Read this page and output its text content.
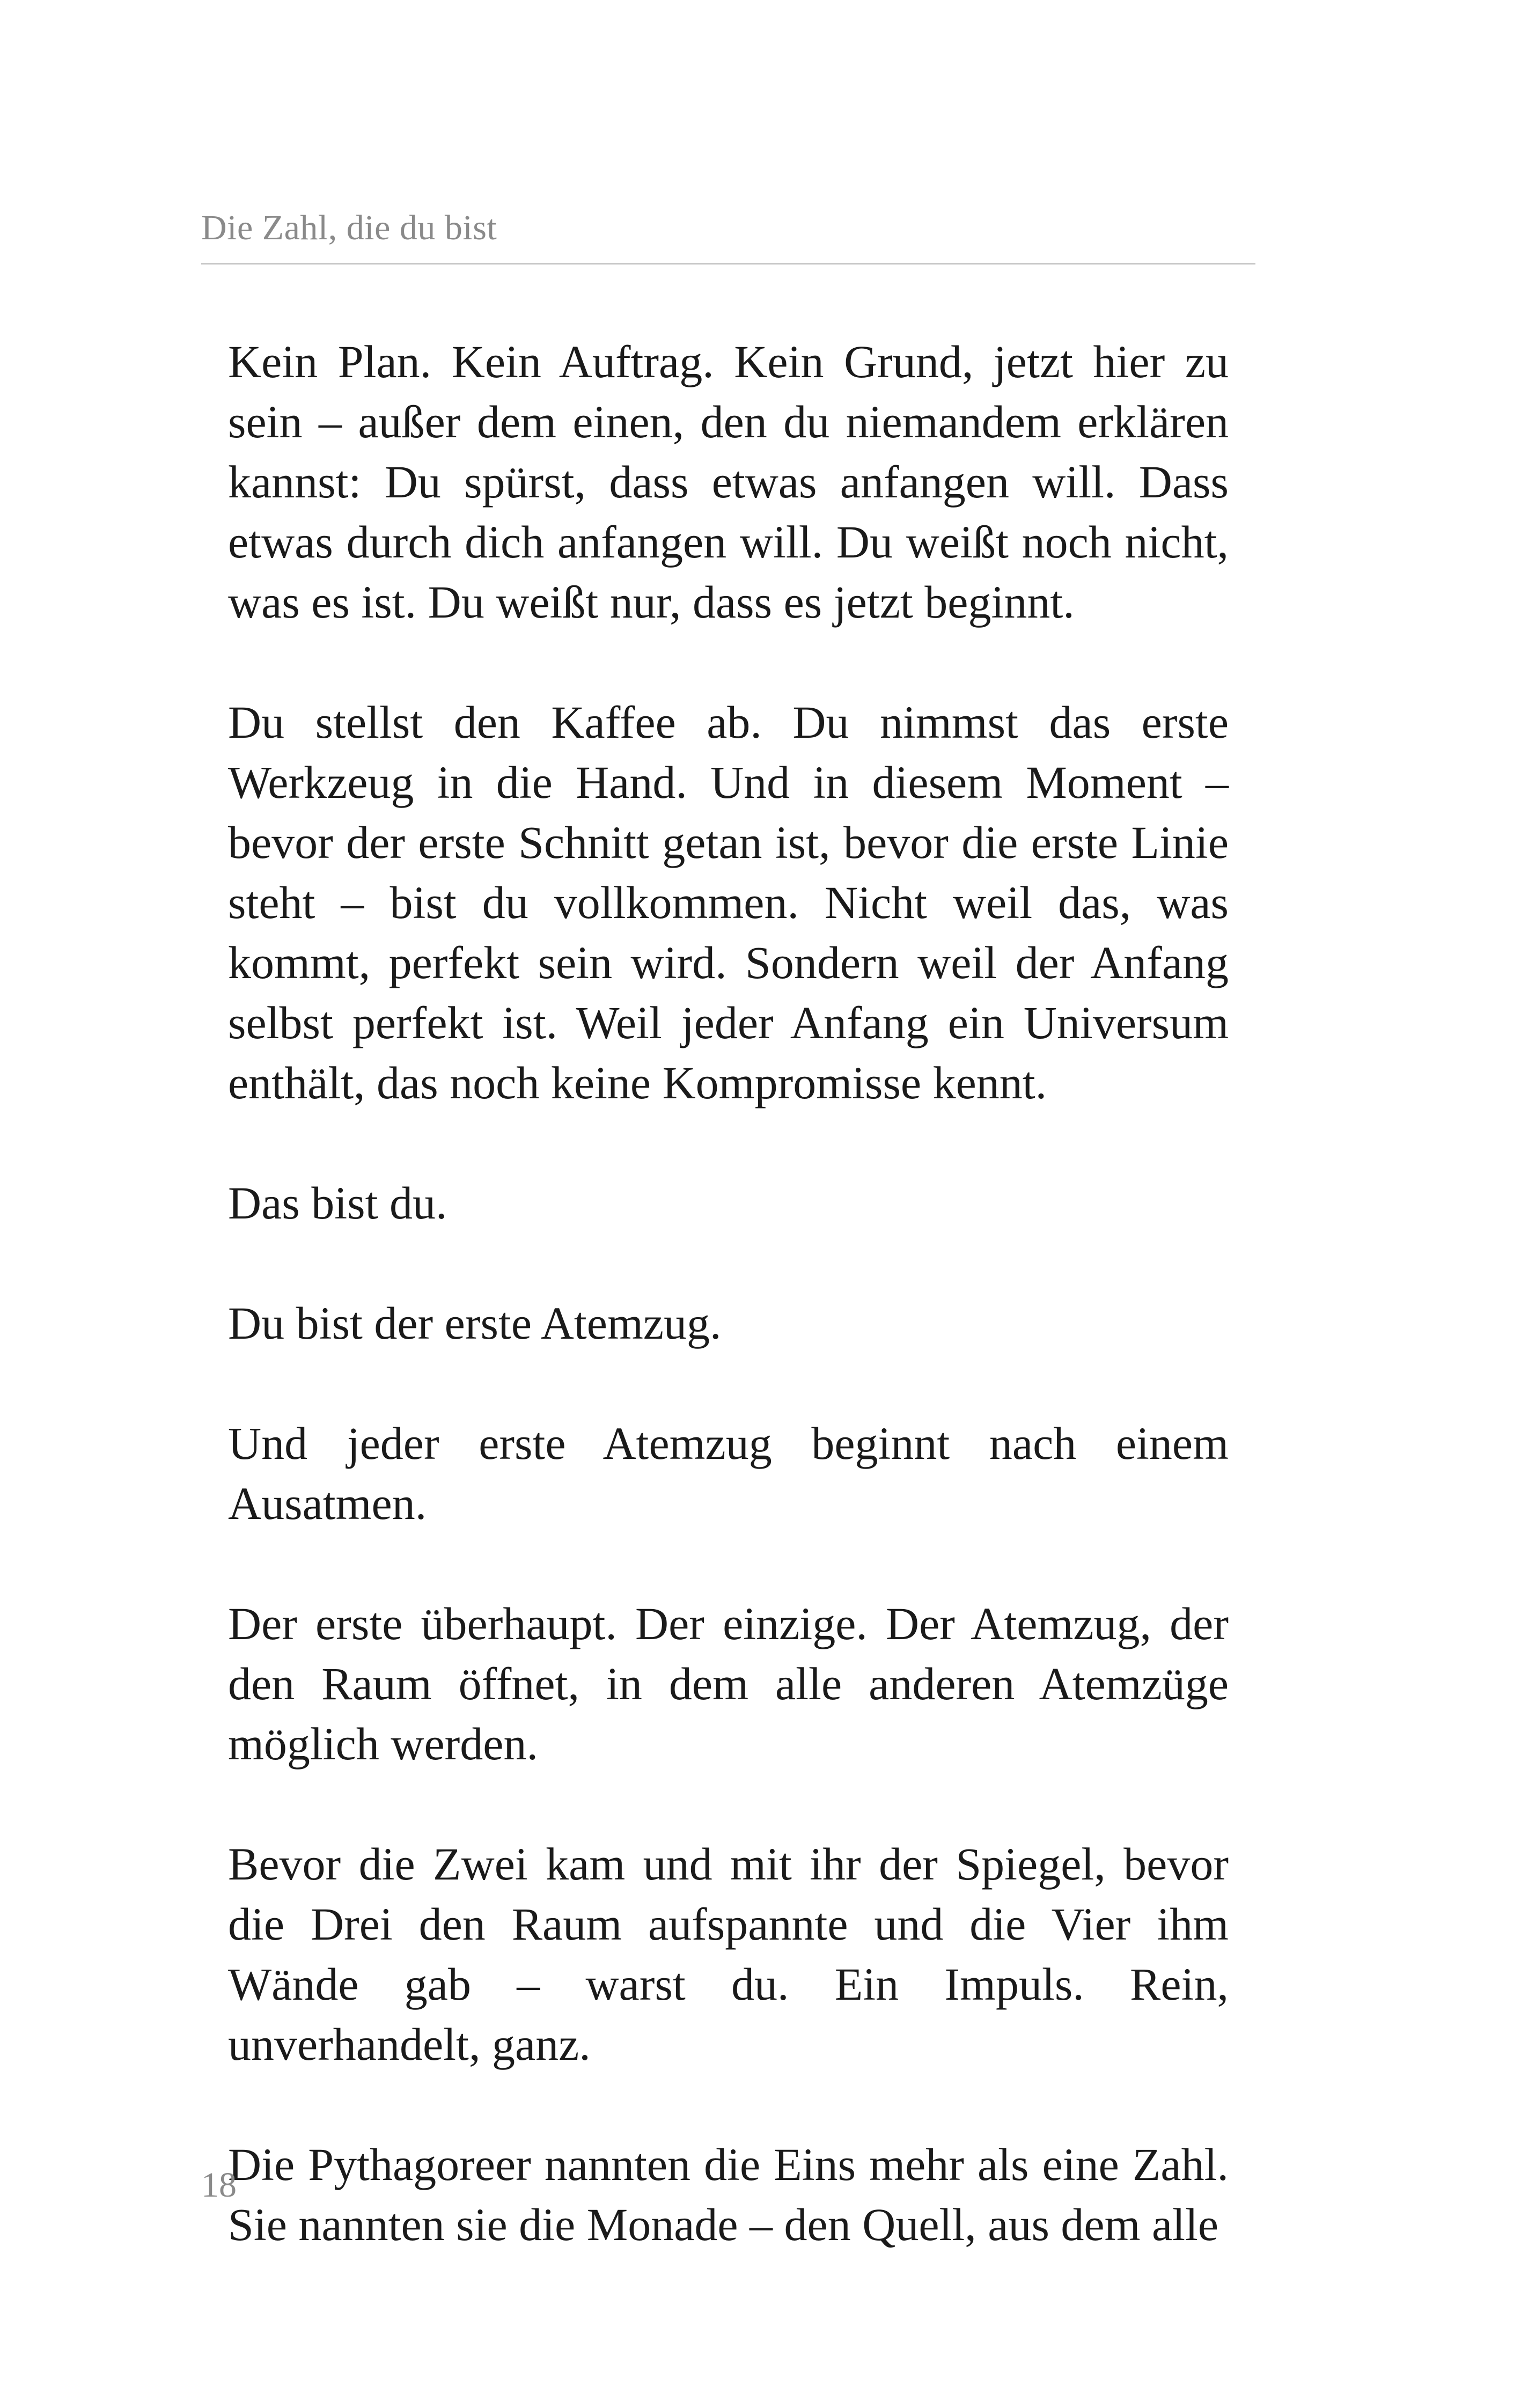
Die Zahl, die du bist

Kein Plan. Kein Auftrag. Kein Grund, jetzt hier zu sein – außer dem einen, den du niemandem erklären kannst: Du spürst, dass etwas anfangen will. Dass etwas durch dich anfangen will. Du weißt noch nicht, was es ist. Du weißt nur, dass es jetzt beginnt.

Du stellst den Kaffee ab. Du nimmst das erste Werkzeug in die Hand. Und in diesem Moment – bevor der erste Schnitt getan ist, bevor die erste Linie steht – bist du vollkommen. Nicht weil das, was kommt, perfekt sein wird. Sondern weil der Anfang selbst perfekt ist. Weil jeder Anfang ein Universum enthält, das noch keine Kompromisse kennt.

Das bist du.

Du bist der erste Atemzug.

Und jeder erste Atemzug beginnt nach einem Ausatmen.

Der erste überhaupt. Der einzige. Der Atemzug, der den Raum öffnet, in dem alle anderen Atemzüge möglich werden.

Bevor die Zwei kam und mit ihr der Spiegel, bevor die Drei den Raum aufspannte und die Vier ihm Wände gab – warst du. Ein Impuls. Rein, unverhandelt, ganz.

Die Pythagoreer nannten die Eins mehr als eine Zahl. Sie nannten sie die Monade – den Quell, aus dem alle

18
